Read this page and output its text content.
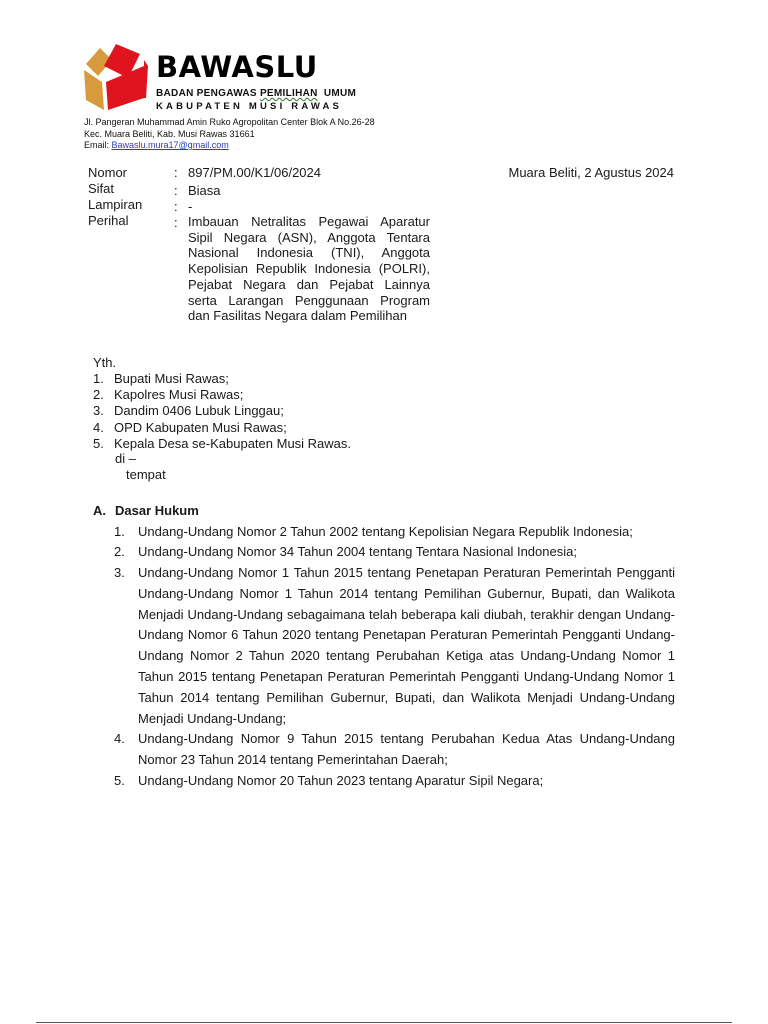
BAWASLU
BADAN PENGAWAS PEMILIHAN  UMUM
KABUPATEN MUSI RAWAS
Jl. Pangeran Muhammad Amin Ruko Agropolitan Center Blok A No.26-28
Kec. Muara Beliti, Kab. Musi Rawas 31661
Email: Bawaslu.mura17@gmail.com
Nomor	: 897/PM.00/K1/06/2024
Sifat	: Biasa
Lampiran : -
Perihal	: Imbauan Netralitas Pegawai Aparatur Sipil Negara (ASN), Anggota Tentara Nasional Indonesia (TNI), Anggota Kepolisian Republik Indonesia (POLRI), Pejabat Negara dan Pejabat Lainnya serta Larangan Penggunaan Program dan Fasilitas Negara dalam Pemilihan
Muara Beliti, 2 Agustus 2024
Yth.
1. Bupati Musi Rawas;
2. Kapolres Musi Rawas;
3. Dandim 0406 Lubuk Linggau;
4. OPD Kabupaten Musi Rawas;
5. Kepala Desa se-Kabupaten Musi Rawas.
di –
tempat
A. Dasar Hukum
1. Undang-Undang Nomor 2 Tahun 2002 tentang Kepolisian Negara Republik Indonesia;
2. Undang-Undang Nomor 34 Tahun 2004 tentang Tentara Nasional Indonesia;
3. Undang-Undang Nomor 1 Tahun 2015 tentang Penetapan Peraturan Pemerintah Pengganti Undang-Undang Nomor 1 Tahun 2014 tentang Pemilihan Gubernur, Bupati, dan Walikota Menjadi Undang-Undang sebagaimana telah beberapa kali diubah, terakhir dengan Undang-Undang Nomor 6 Tahun 2020 tentang Penetapan Peraturan Pemerintah Pengganti Undang-Undang Nomor 2 Tahun 2020 tentang Perubahan Ketiga atas Undang-Undang Nomor 1 Tahun 2015 tentang Penetapan Peraturan Pemerintah Pengganti Undang-Undang Nomor 1 Tahun 2014 tentang Pemilihan Gubernur, Bupati, dan Walikota Menjadi Undang-Undang Menjadi Undang-Undang;
4. Undang-Undang Nomor 9 Tahun 2015 tentang Perubahan Kedua Atas Undang-Undang Nomor 23 Tahun 2014 tentang Pemerintahan Daerah;
5. Undang-Undang Nomor 20 Tahun 2023 tentang Aparatur Sipil Negara;
